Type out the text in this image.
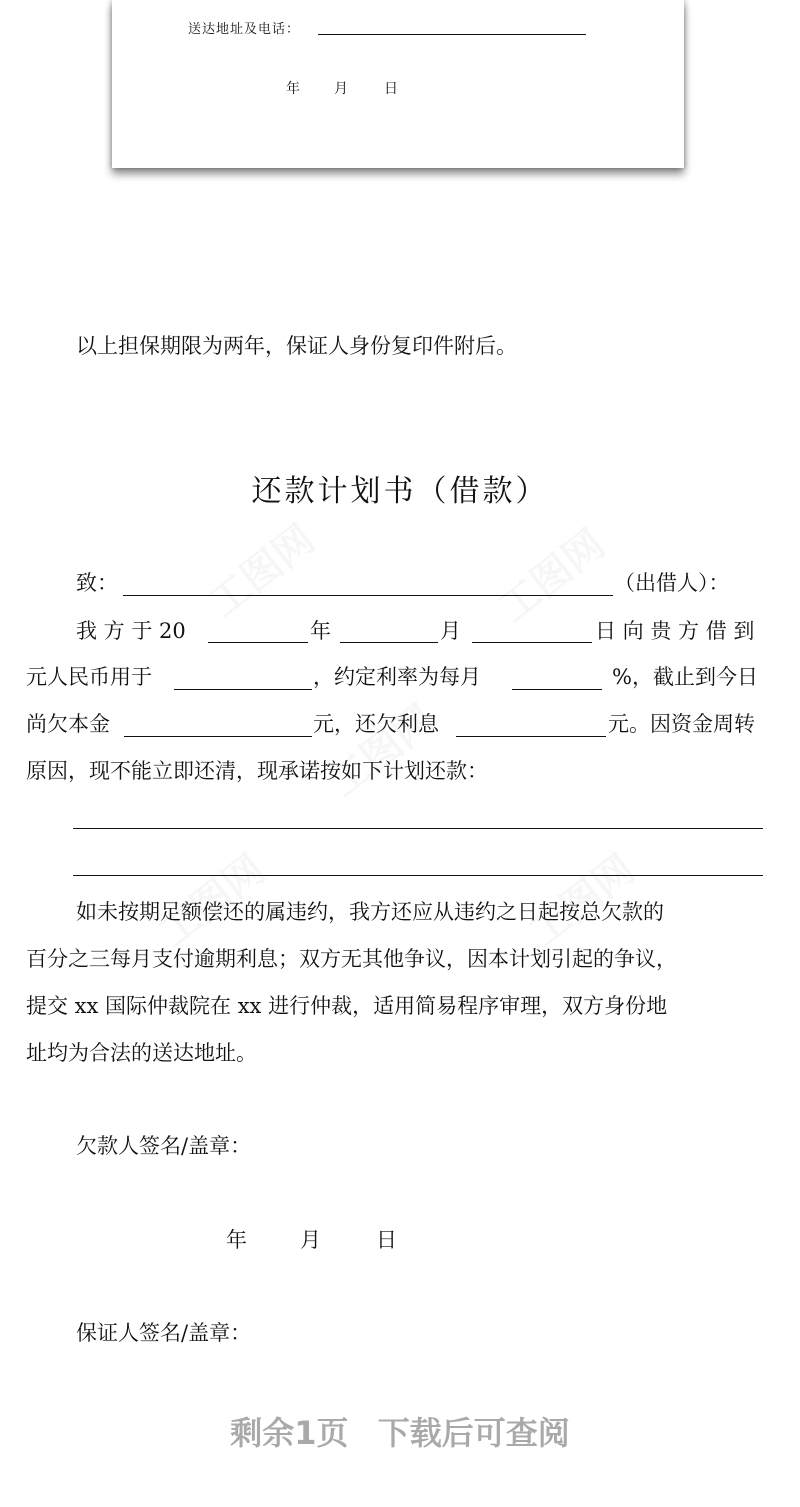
送达地址及电话：
年 月	日
以上担保期限为两年，保证人身份复印件附后。
还款计划书（借款）
致：	（出借人）：
我 方 于 20	年	月	日 向 贵 方 借 到
元人民币用于	，约定利率为每月	%，截止到今日
尚欠本金	元，还欠利息	元。因资金周转
原因，现不能立即还清，现承诺按如下计划还款：
如未按期足额偿还的属违约，我方还应从违约之日起按总欠款的
百分之三每月支付逾期利息；双方无其他争议，因本计划引起的争议，
提交 xx 国际仲裁院在 xx 进行仲裁，适用简易程序审理，双方身份地
址均为合法的送达地址。
欠款人签名/盖章：
年	月	日
保证人签名/盖章：
剩余1页 下载后可查阅
